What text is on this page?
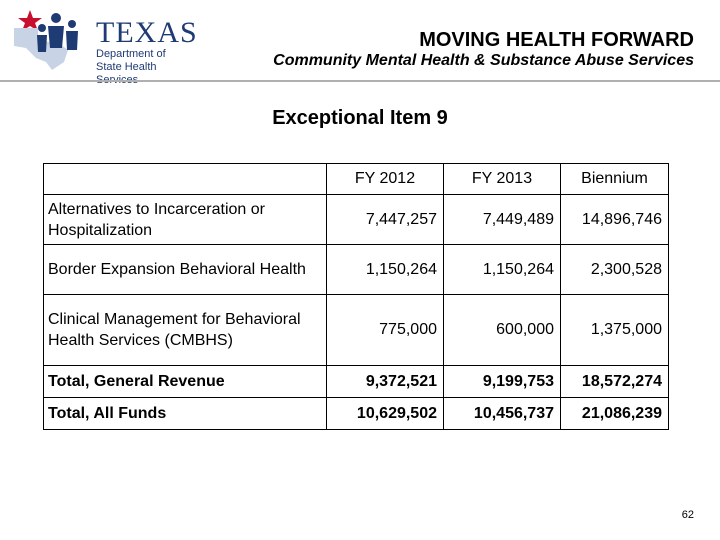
TEXAS
Department of
State Health
MOVING HEALTH FORWARD
Community Mental Health & Substance Abuse Services
Exceptional Item 9
	FY 2012	FY 2013	Biennium
Alternatives to Incarceration or Hospitalization	7,447,257	7,449,489	14,896,746
Border Expansion Behavioral Health	1,150,264	1,150,264	2,300,528
Clinical Management for Behavioral Health Services (CMBHS)	775,000	600,000	1,375,000
Total, General Revenue	9,372,521	9,199,753	18,572,274
Total, All Funds	10,629,502	10,456,737	21,086,239
62
